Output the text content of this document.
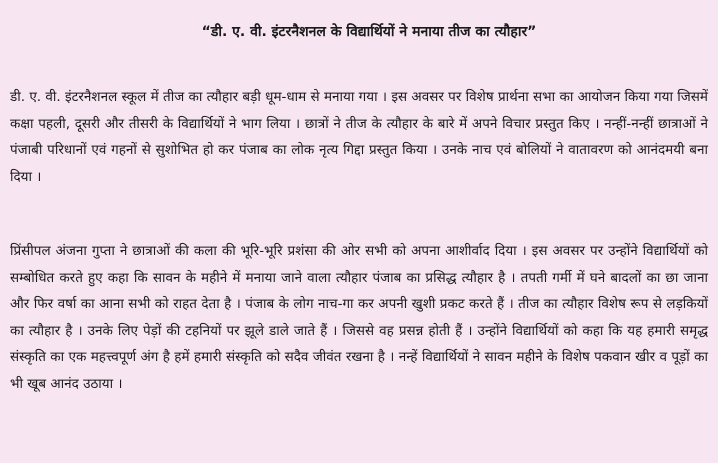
“डी. ए. वी. इंटरनैशनल के विद्यार्थियों ने मनाया तीज का त्यौहार”

डी. ए. वी. इंटरनैशनल स्कूल में तीज का त्यौहार बड़ी धूम-धाम से मनाया गया । इस अवसर पर विशेष प्रार्थना सभा का आयोजन किया गया जिसमें कक्षा पहली, दूसरी और तीसरी के विद्यार्थियों ने भाग लिया । छात्रों ने तीज के त्यौहार के बारे में अपने विचार प्रस्तुत किए । नन्हीं-नन्हीं छात्राओं ने पंजाबी परिधानों एवं गहनों से सुशोभित हो कर पंजाब का लोक नृत्य गिद्दा प्रस्तुत किया । उनके नाच एवं बोलियों ने वातावरण को आनंदमयी बना दिया ।

प्रिंसीपल अंजना गुप्ता ने छात्राओं की कला की भूरि-भूरि प्रशंसा की ओर सभी को अपना आशीर्वाद दिया । इस अवसर पर उन्होंने विद्यार्थियों को सम्बोधित करते हुए कहा कि सावन के महीने में मनाया जाने वाला त्यौहार पंजाब का प्रसिद्ध त्यौहार है । तपती गर्मी में घने बादलों का छा जाना और फिर वर्षा का आना सभी को राहत देता है । पंजाब के लोग नाच-गा कर अपनी खुशी प्रकट करते हैं । तीज का त्यौहार विशेष रूप से लड़कियों का त्यौहार है । उनके लिए पेड़ों की टहनियों पर झूले डाले जाते हैं । जिससे वह प्रसन्न होती हैं । उन्होंने विद्यार्थियों को कहा कि यह हमारी समृद्ध संस्कृति का एक महत्त्वपूर्ण अंग है हमें हमारी संस्कृति को सदैव जीवंत रखना है । नन्हें विद्यार्थियों ने सावन महीने के विशेष पकवान खीर व पूड़ों का भी खूब आनंद उठाया ।
